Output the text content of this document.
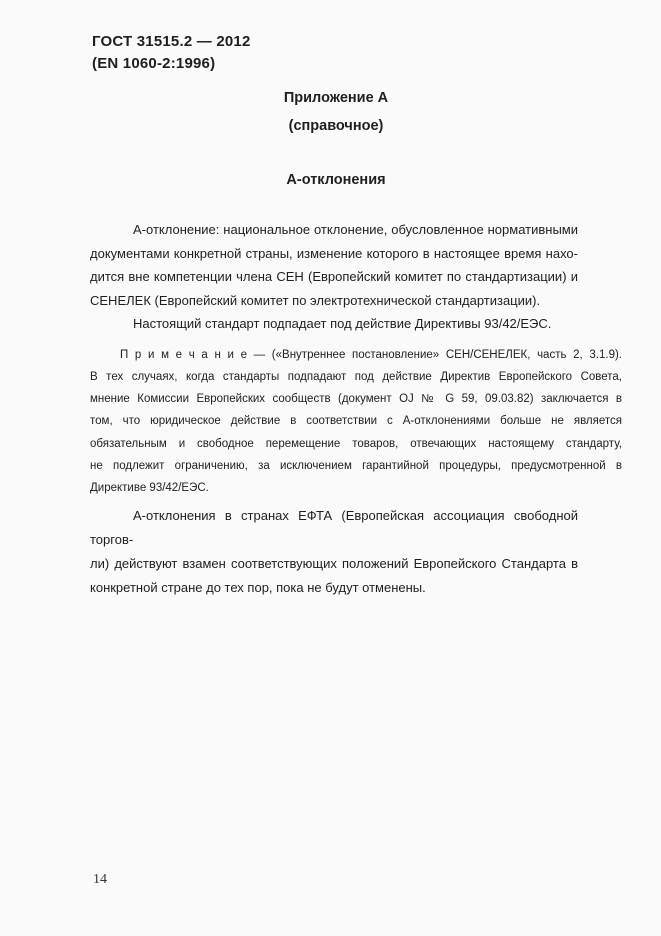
ГОСТ 31515.2 — 2012
(EN 1060-2:1996)
Приложение А
(справочное)
А-отклонения
А-отклонение: национальное отклонение, обусловленное нормативными
документами конкретной страны, изменение которого в настоящее время нахо-
дится вне компетенции члена СЕН (Европейский комитет по стандартизации) и
СЕНЕЛЕК (Европейский комитет по электротехнической стандартизации).
Настоящий стандарт подпадает под действие Директивы 93/42/ЕЭС.
П р и м е ч а н и е — («Внутреннее постановление» СЕН/СЕНЕЛЕК, часть 2, 3.1.9).
В тех случаях, когда стандарты подпадают под действие Директив Европейского Совета,
мнение Комиссии Европейских сообществ (документ OJ № G 59, 09.03.82) заключается в
том, что юридическое действие в соответствии с А-отклонениями больше не является
обязательным и свободное перемещение товаров, отвечающих настоящему стандарту,
не подлежит ограничению, за исключением гарантийной процедуры, предусмотренной в
Директиве 93/42/ЕЭС.
А-отклонения в странах ЕФТА (Европейская ассоциация свободной торгов-
ли) действуют взамен соответствующих положений Европейского Стандарта в
конкретной стране до тех пор, пока не будут отменены.
14
